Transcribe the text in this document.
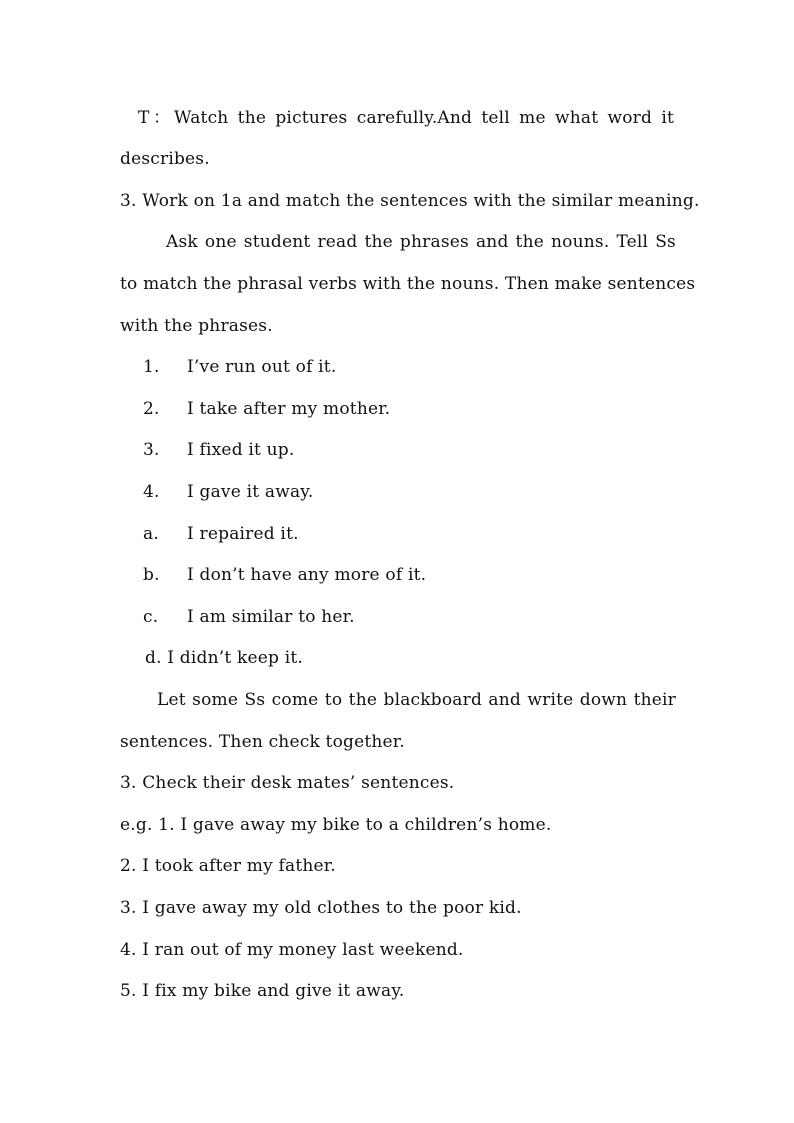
T：Watch the pictures carefully.And tell me what word it
describes.
3. Work on 1a and match the sentences with the similar meaning.
Ask one student read the phrases and the nouns. Tell Ss
to match the phrasal verbs with the nouns. Then make sentences
with the phrases.
1.	I’ve run out of it.
2.	I take after my mother.
3.	I fixed it up.
4.	I gave it away.
a.	I repaired it.
b.	I don’t have any more of it.
c.	I am similar to her.
d. I didn’t keep it.
Let some Ss come to the blackboard and write down their
sentences. Then check together.
3. Check their desk mates’ sentences.
e.g. 1. I gave away my bike to a children’s home.
2. I took after my father.
3. I gave away my old clothes to the poor kid.
4. I ran out of my money last weekend.
5. I fix my bike and give it away.
